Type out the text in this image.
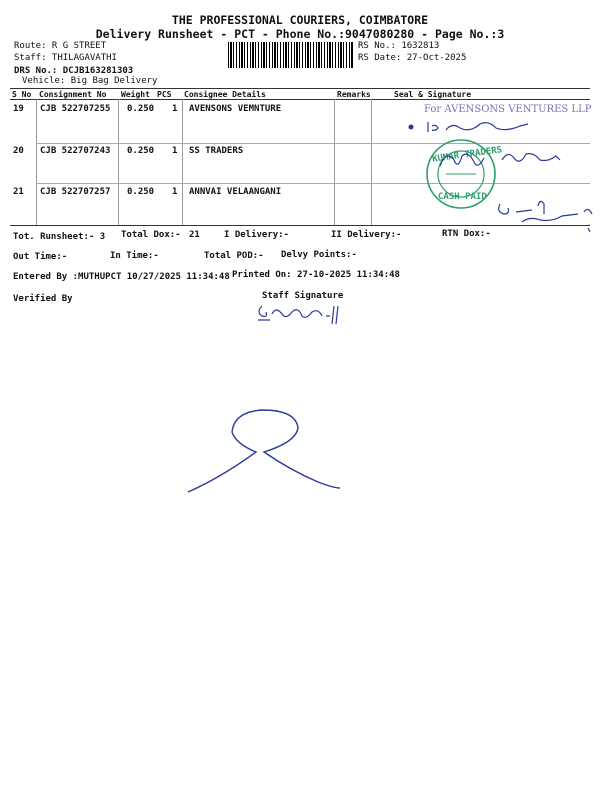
THE PROFESSIONAL COURIERS, COIMBATORE
Delivery Runsheet - PCT - Phone No.:9047080280 - Page No.:3
Route: R G STREET
Staff: THILAGAVATHI
DRS No.: DCJB163281303
Vehicle: Big Bag Delivery
RS No.: 1632813
RS Date: 27-Oct-2025
S No Consignment No Weight PCS Consignee Details	Remarks	Seal & Signature
19 CJB 522707255 0.250 1 AVENSONS VEMNTURE
20 CJB 522707243 0.250 1 SS TRADERS
21 CJB 522707257 0.250 1 ANNVAI VELAANGANI
For AVENSONS VENTURES LLP
KUMAR TRADERS
CASH PAID
Tot. Runsheet:- 3 Total Dox:- 21	I Delivery:-	II Delivery:-	RTN Dox:-
Out Time:-	In Time:-	Total POD:- Delvy Points:-
Entered By :MUTHUPCT 10/27/2025 11:34:48 Printed On: 27-10-2025 11:34:48
Staff Signature
Verified By
